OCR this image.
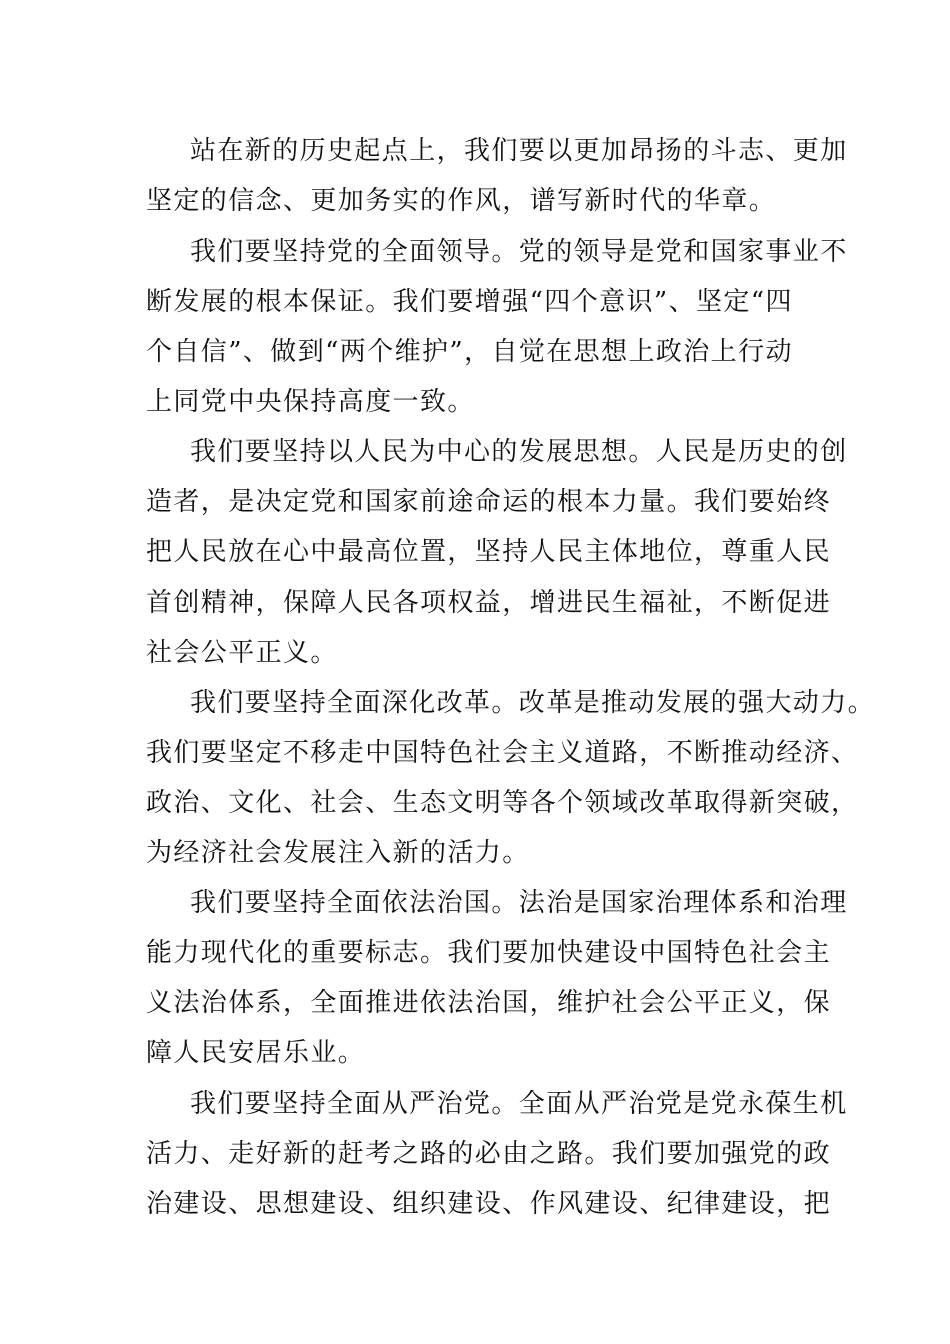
站在新的历史起点上，我们要以更加昂扬的斗志、更加
坚定的信念、更加务实的作风，谱写新时代的华章。
我们要坚持党的全面领导。党的领导是党和国家事业不
断发展的根本保证。我们要增强“四个意识”、坚定“四
个自信”、做到“两个维护”，自觉在思想上政治上行动
上同党中央保持高度一致。
我们要坚持以人民为中心的发展思想。人民是历史的创
造者，是决定党和国家前途命运的根本力量。我们要始终
把人民放在心中最高位置，坚持人民主体地位，尊重人民
首创精神，保障人民各项权益，增进民生福祉，不断促进
社会公平正义。
我们要坚持全面深化改革。改革是推动发展的强大动力。
我们要坚定不移走中国特色社会主义道路，不断推动经济、
政治、文化、社会、生态文明等各个领域改革取得新突破，
为经济社会发展注入新的活力。
我们要坚持全面依法治国。法治是国家治理体系和治理
能力现代化的重要标志。我们要加快建设中国特色社会主
义法治体系，全面推进依法治国，维护社会公平正义，保
障人民安居乐业。
我们要坚持全面从严治党。全面从严治党是党永葆生机
活力、走好新的赶考之路的必由之路。我们要加强党的政
治建设、思想建设、组织建设、作风建设、纪律建设，把
